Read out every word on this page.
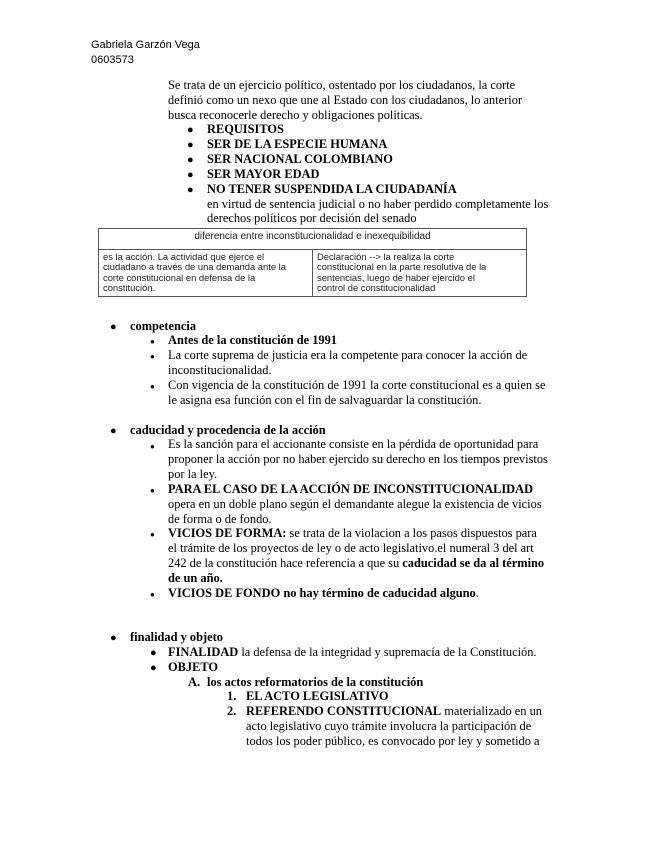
Gabriela Garzón Vega
0603573
Se trata de un ejercicio político, ostentado por los ciudadanos, la corte
definió como un nexo que une al Estado con los ciudadanos, lo anterior
busca reconocerle derecho y obligaciones políticas.
● REQUISITOS
● SER DE LA ESPECIE HUMANA
● SER NACIONAL COLOMBIANO
● SER MAYOR EDAD
● NO TENER SUSPENDIDA LA CIUDADANÍA
en virtud de sentencia judicial o no haber perdido completamente los
derechos políticos por decisión del senado
diferencia entre inconstitucionalidad e inexequibilidad

es la acción. La actividad que ejerce el
ciudadano a través de una demanda ante la
corte constitucional en defensa de la
constitución.

Declaración --> la realiza la corte
constitucional en la parte resolutiva de la
sentencias, luego de haber ejercido el
control de constitucionalidad
● competencia
● Antes de la constitución de 1991
● La corte suprema de justicia era la competente para conocer la acción de
inconstitucionalidad.
● Con vigencia de la constitución de 1991 la corte constitucional es a quien se
le asigna esa función con el fin de salvaguardar la constitución.
● caducidad y procedencia de la acción
● Es la sanción para el accionante consiste en la pérdida de oportunidad para
proponer la acción por no haber ejercido su derecho en los tiempos previstos
por la ley.
● PARA EL CASO DE LA ACCIÓN DE INCONSTITUCIONALIDAD
opera en un doble plano según el demandante alegue la existencia de vicios
de forma o de fondo.
● VICIOS DE FORMA: se trata de la violacion a los pasos dispuestos para
el trámite de los proyectos de ley o de acto legislativo.el numeral 3 del art
242 de la constitución hace referencia a que su caducidad se da al término
de un año.
● VICIOS DE FONDO no hay término de caducidad alguno.
● finalidad y objeto
● FINALIDAD la defensa de la integridad y supremacía de la Constitución.
● OBJETO
A. los actos reformatorios de la constitución
1. EL ACTO LEGISLATIVO
2. REFERENDO CONSTITUCIONAL materializado en un
acto legislativo cuyo trámite involucra la participación de
todos los poder público, es convocado por ley y sometido a
